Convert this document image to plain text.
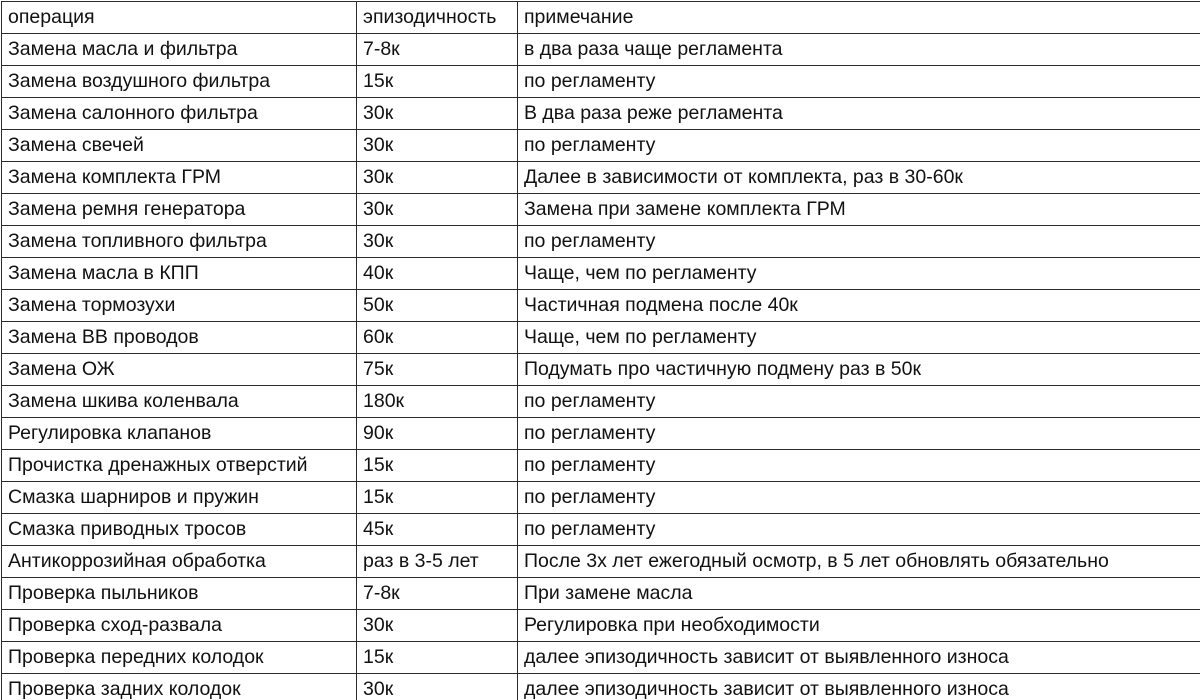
операция	эпизодичность	примечание
Замена масла и фильтра	7-8к	в два раза чаще регламента
Замена воздушного фильтра	15к	по регламенту
Замена салонного фильтра	30к	В два раза реже регламента
Замена свечей	30к	по регламенту
Замена комплекта ГРМ	30к	Далее в зависимости от комплекта, раз в 30-60к
Замена ремня генератора	30к	Замена при замене комплекта ГРМ
Замена топливного фильтра	30к	по регламенту
Замена масла в КПП	40к	Чаще, чем по регламенту
Замена тормозухи	50к	Частичная подмена после 40к
Замена ВВ проводов	60к	Чаще, чем по регламенту
Замена ОЖ	75к	Подумать про частичную подмену раз в 50к
Замена шкива коленвала	180к	по регламенту
Регулировка клапанов	90к	по регламенту
Прочистка дренажных отверстий	15к	по регламенту
Смазка шарниров и пружин	15к	по регламенту
Смазка приводных тросов	45к	по регламенту
Антикоррозийная обработка	раз в 3-5 лет	После 3х лет ежегодный осмотр, в 5 лет обновлять обязательно
Проверка пыльников	7-8к	При замене масла
Проверка сход-развала	30к	Регулировка при необходимости
Проверка передних колодок	15к	далее эпизодичность зависит от выявленного износа
Проверка задних колодок	30к	далее эпизодичность зависит от выявленного износа
